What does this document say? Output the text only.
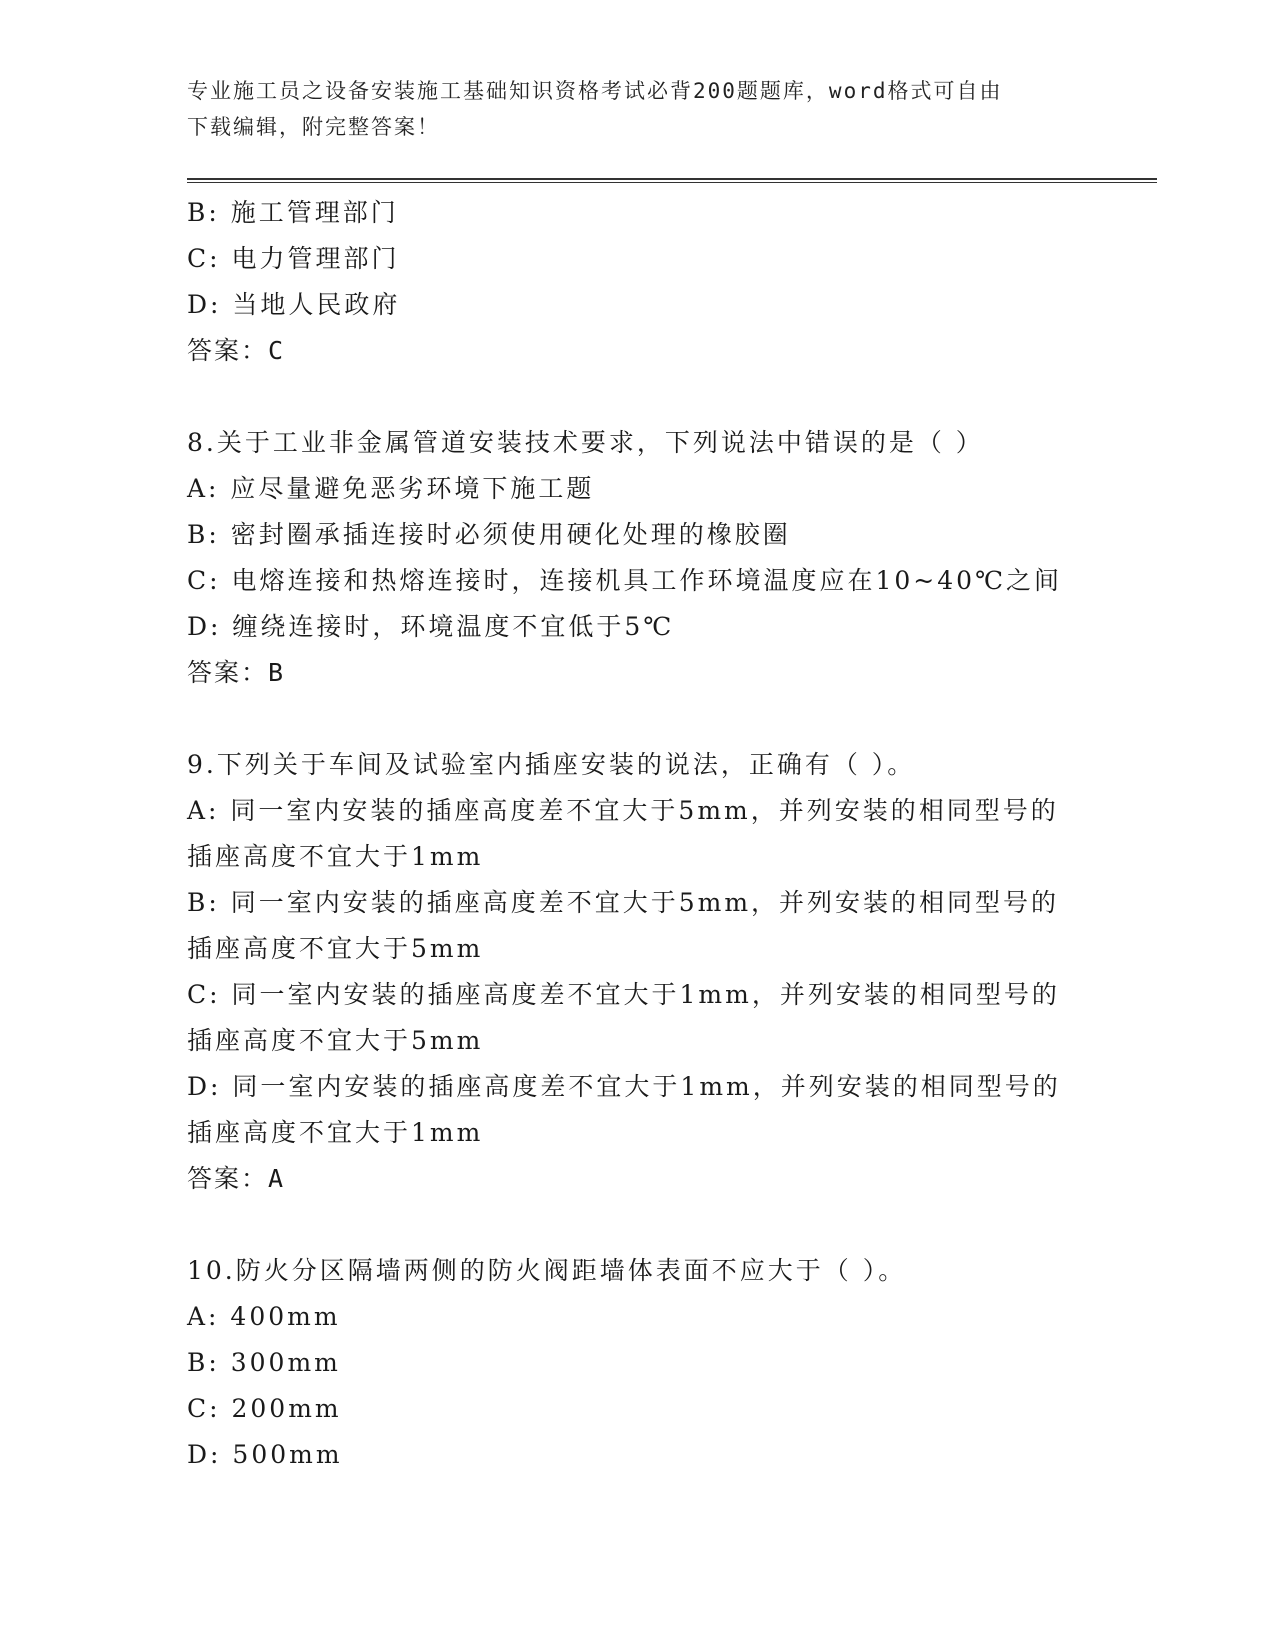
专业施工员之设备安装施工基础知识资格考试必背200题题库，word格式可自由
下载编辑，附完整答案！
B: 施工管理部门
C: 电力管理部门
D: 当地人民政府
答案：C
8.关于工业非金属管道安装技术要求，下列说法中错误的是（ ）
A: 应尽量避免恶劣环境下施工题
B: 密封圈承插连接时必须使用硬化处理的橡胶圈
C: 电熔连接和热熔连接时，连接机具工作环境温度应在10~40℃之间
D: 缠绕连接时，环境温度不宜低于5℃
答案：B
9.下列关于车间及试验室内插座安装的说法，正确有（ ）。
A: 同一室内安装的插座高度差不宜大于5mm，并列安装的相同型号的插座高度不宜大于1mm
B: 同一室内安装的插座高度差不宜大于5mm，并列安装的相同型号的插座高度不宜大于5mm
C: 同一室内安装的插座高度差不宜大于1mm，并列安装的相同型号的插座高度不宜大于5mm
D: 同一室内安装的插座高度差不宜大于1mm，并列安装的相同型号的插座高度不宜大于1mm
答案：A
10.防火分区隔墙两侧的防火阀距墙体表面不应大于（ ）。
A: 400mm
B: 300mm
C: 200mm
D: 500mm
